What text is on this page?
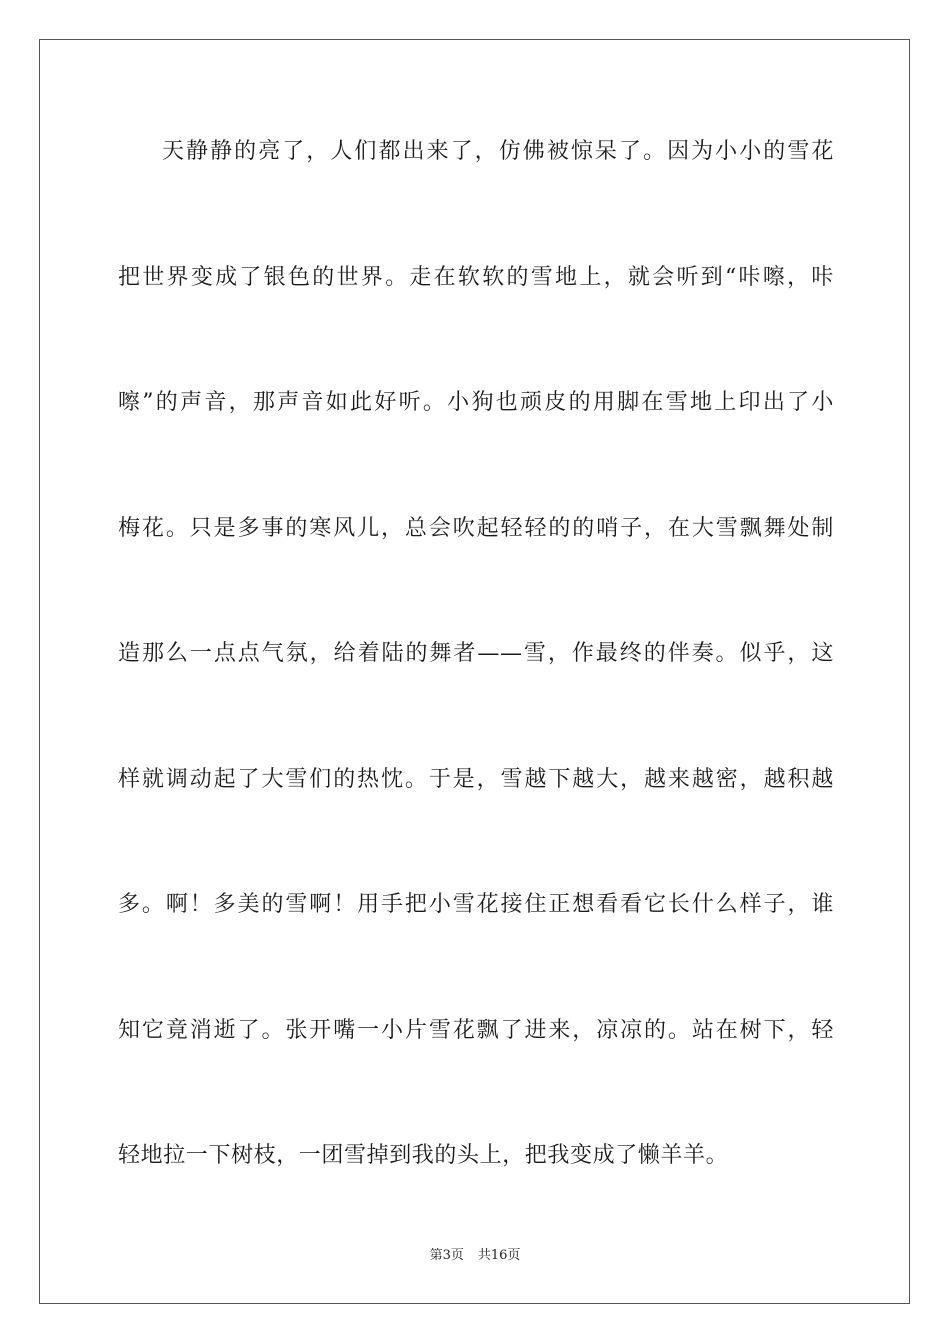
天静静的亮了，人们都出来了，仿佛被惊呆了。因为小小的雪花
把世界变成了银色的世界。走在软软的雪地上，就会听到“咔嚓，咔
嚓”的声音，那声音如此好听。小狗也顽皮的用脚在雪地上印出了小
梅花。只是多事的寒风儿，总会吹起轻轻的的哨子，在大雪飘舞处制
造那么一点点气氛，给着陆的舞者——雪，作最终的伴奏。似乎，这
样就调动起了大雪们的热忱。于是，雪越下越大，越来越密，越积越
多。啊！多美的雪啊！用手把小雪花接住正想看看它长什么样子，谁
知它竟消逝了。张开嘴一小片雪花飘了进来，凉凉的。站在树下，轻
轻地拉一下树枝，一团雪掉到我的头上，把我变成了懒羊羊。
第3页 共16页
